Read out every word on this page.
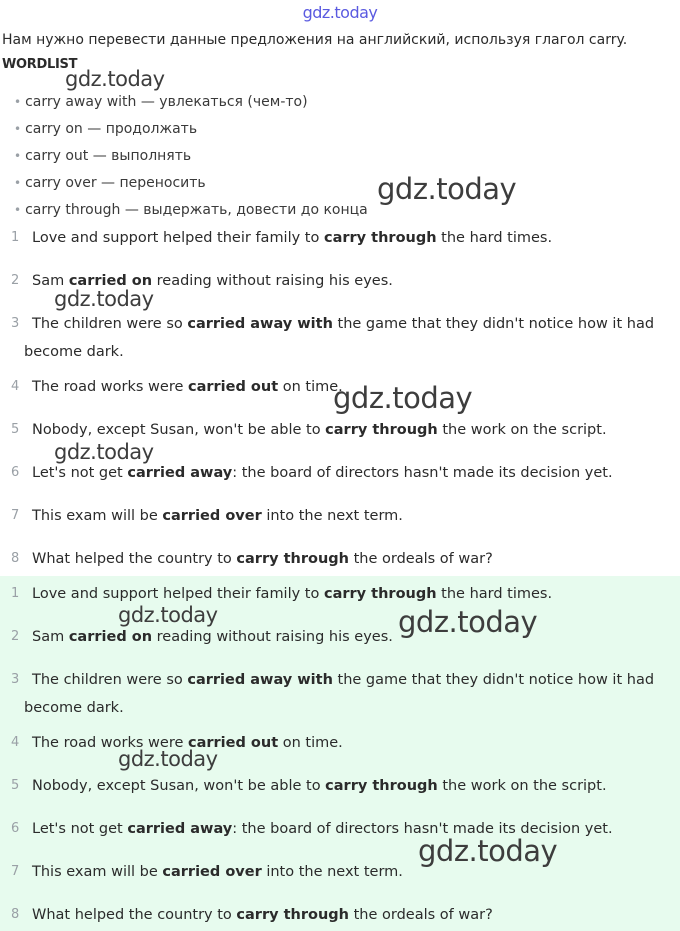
gdz.today
Нам нужно перевести данные предложения на английский, используя глагол carry.
WORDLIST
• carry away with — увлекаться (чем-то)
• carry on — продолжать
• carry out — выполнять
• carry over — переносить
• carry through — выдержать, довести до конца
1 Love and support helped their family to carry through the hard times.
2 Sam carried on reading without raising his eyes.
3 The children were so carried away with the game that they didn't notice how it had
become dark.
4 The road works were carried out on time.
5 Nobody, except Susan, won't be able to carry through the work on the script.
6 Let's not get carried away: the board of directors hasn't made its decision yet.
7 This exam will be carried over into the next term.
8 What helped the country to carry through the ordeals of war?
1 Love and support helped their family to carry through the hard times.
2 Sam carried on reading without raising his eyes.
3 The children were so carried away with the game that they didn't notice how it had
become dark.
4 The road works were carried out on time.
5 Nobody, except Susan, won't be able to carry through the work on the script.
6 Let's not get carried away: the board of directors hasn't made its decision yet.
7 This exam will be carried over into the next term.
8 What helped the country to carry through the ordeals of war?
gdz.today
gdz.today
gdz.today
gdz.today
gdz.today
gdz.today	gdz.today
gdz.today
gdz.today
